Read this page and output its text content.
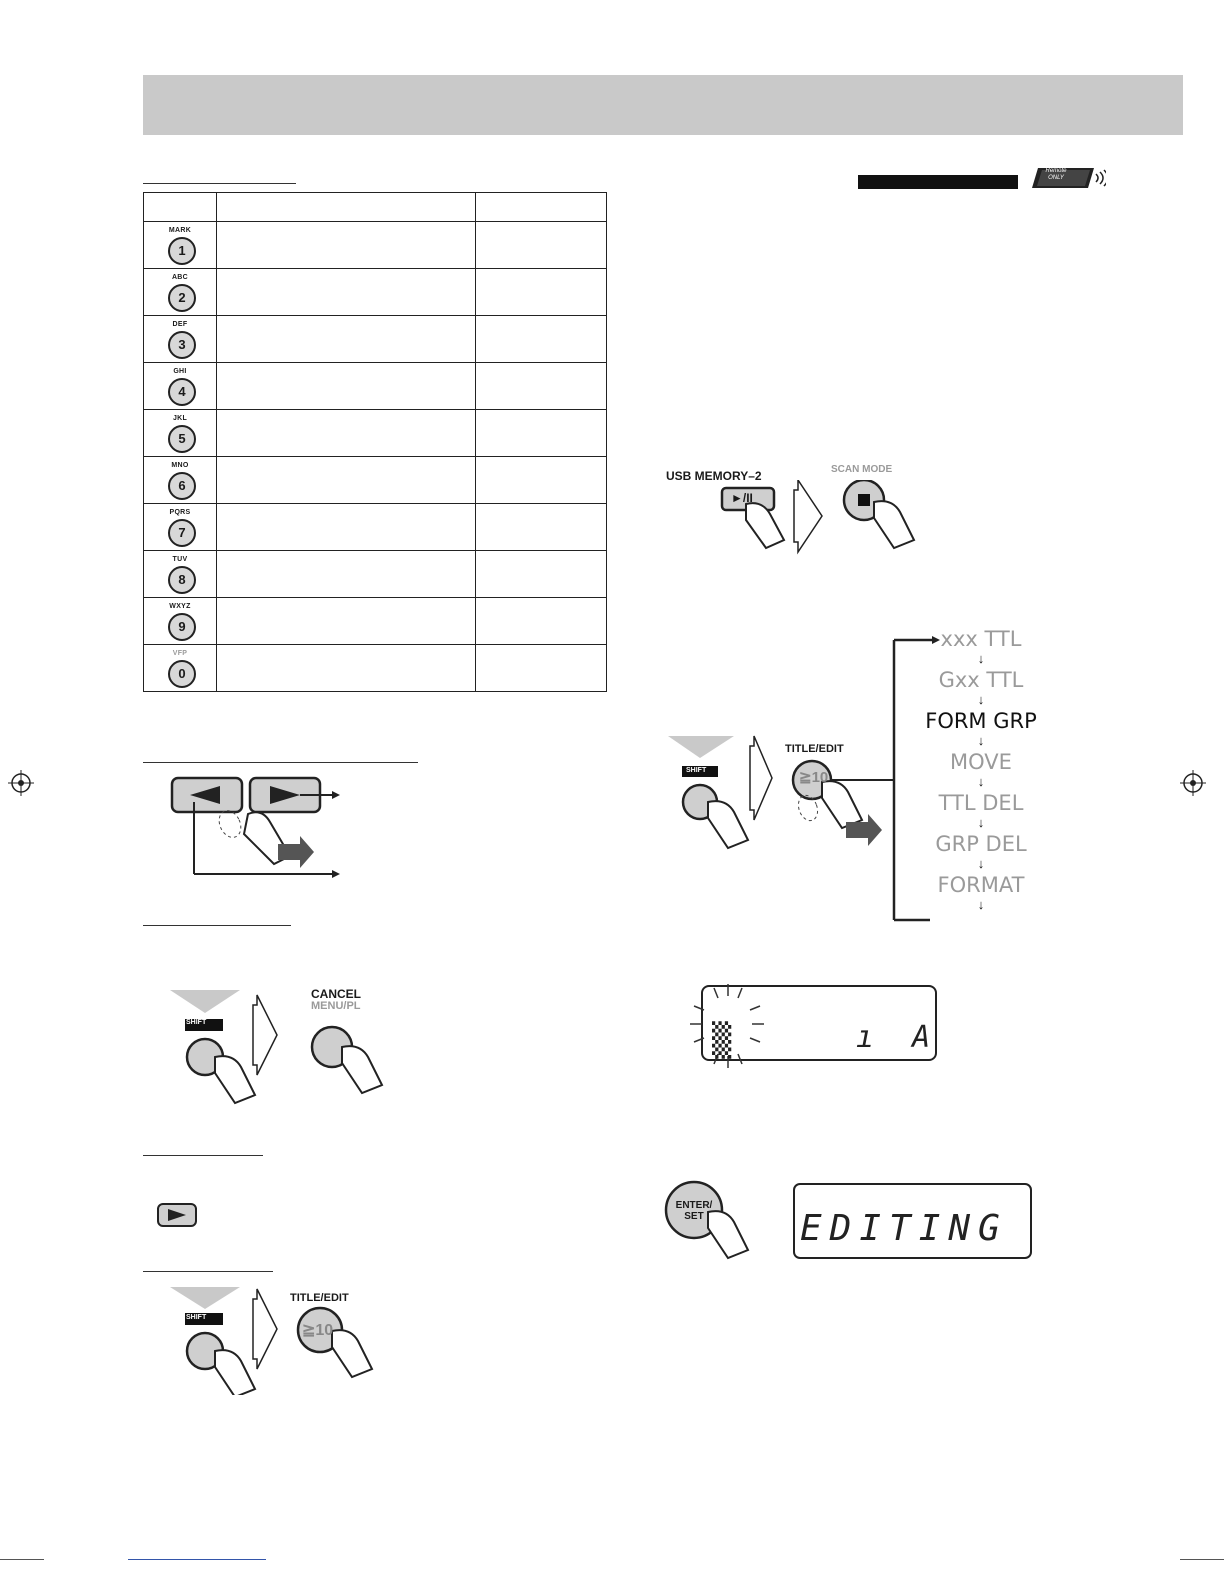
MARK
1		

ABC
2		

DEF
3		

GHI
4		

JKL
5		

MNO
6		

PQRS
7		

TUV
8		

WXYZ
9		

VFP
0		

SHIFT
CANCEL
MENU/PL
SHIFT
TITLE/EDIT
≧10
Remote
ONLY
USB MEMORY–2	SCAN MODE
►/II
TITLE/EDIT
SHIFT	≧10
xxx TTL
↓
Gxx TTL
↓
FORM GRP
↓
MOVE
↓
TTL DEL
↓
GRP DEL
↓
FORMAT
↓
▒	ı A
ENTER/
SET	EDITING
